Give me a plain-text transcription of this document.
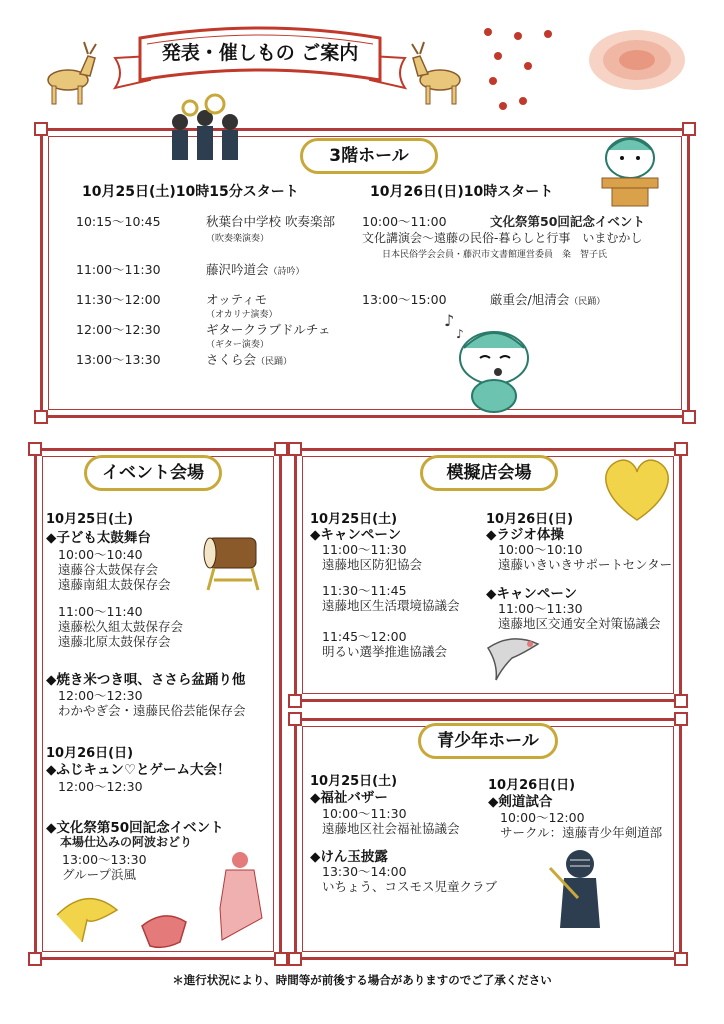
発表・催しもの ご案内
3階ホール
10月25日(土)10時15分スタート	10月26日(日)10時スタート
10:15～10:45	秋葉台中学校 吹奏楽部
（吹奏楽演奏）
11:00～11:30	藤沢吟道会（詩吟）
11:30～12:00	オッティモ
（オカリナ演奏）
12:00～12:30	ギタークラブドルチェ
（ギター演奏）
13:00～13:30	さくら会（民踊）
10:00～11:00	文化祭第50回記念イベント
文化講演会～遠藤の民俗-暮らしと行事　いまむかし
日本民俗学会会員・藤沢市文書館運営委員　粂　智子氏
13:00～15:00	厳重会/旭清会（民踊）
♪
♪
イベント会場
10月25日(土)
◆子ども太鼓舞台
10:00～10:40
遠藤谷太鼓保存会
遠藤南組太鼓保存会
11:00～11:40
遠藤松久組太鼓保存会
遠藤北原太鼓保存会
◆焼き米つき唄、ささら盆踊り他
12:00～12:30
わかやぎ会・遠藤民俗芸能保存会
10月26日(日)
◆ふじキュン♡とゲーム大会！
12:00～12:30
◆文化祭第50回記念イベント
本場仕込みの阿波おどり
13:00～13:30
グループ浜風
模擬店会場
10月25日(土)
◆キャンペーン
11:00～11:30
遠藤地区防犯協会
11:30～11:45
遠藤地区生活環境協議会
11:45～12:00
明るい選挙推進協議会
10月26日(日)
◆ラジオ体操
10:00～10:10
遠藤いきいきサポートセンター
◆キャンペーン
11:00～11:30
遠藤地区交通安全対策協議会
青少年ホール
10月25日(土)
◆福祉バザー
10:00～11:30
遠藤地区社会福祉協議会
◆けん玉披露
13:30～14:00
いちょう、コスモス児童クラブ
10月26日(日)
◆剣道試合
10:00～12:00
サークル：遠藤青少年剣道部
＊進行状況により、時間等が前後する場合がありますのでご了承ください
